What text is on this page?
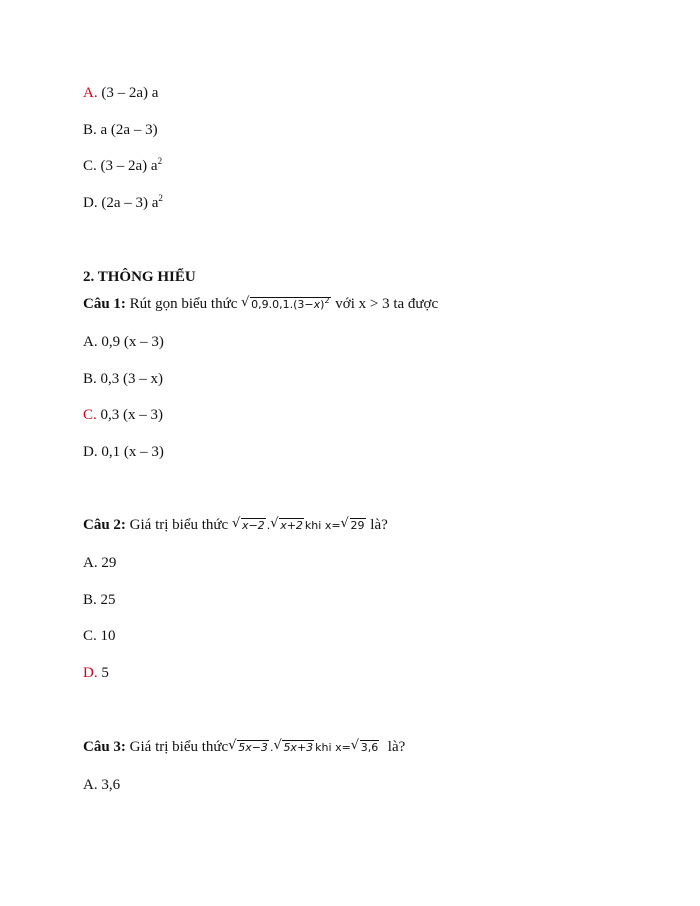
A. (3 – 2a) a
B. a (2a – 3)
C. (3 – 2a) $a^2$
D. (2a – 3) $a^2$
2. THÔNG HIỂU
Câu 1: Rút gọn biểu thức √ $0,9.0,1.(3-x)^2$ với x > 3 ta được
A. 0,9 (x – 3)
B. 0,3 (3 – x)
C. 0,3 (x – 3)
D. 0,1 (x – 3)
Câu 2: Giá trị biểu thức √ x−2 . √ x+2 khi x= √ 29 là?
A. 29
B. 25
C. 10
D. 5
Câu 3: Giá trị biểu thức √ 5x−3 . √ 5x+3 khi x= √ 3,6  là?
A. 3,6
